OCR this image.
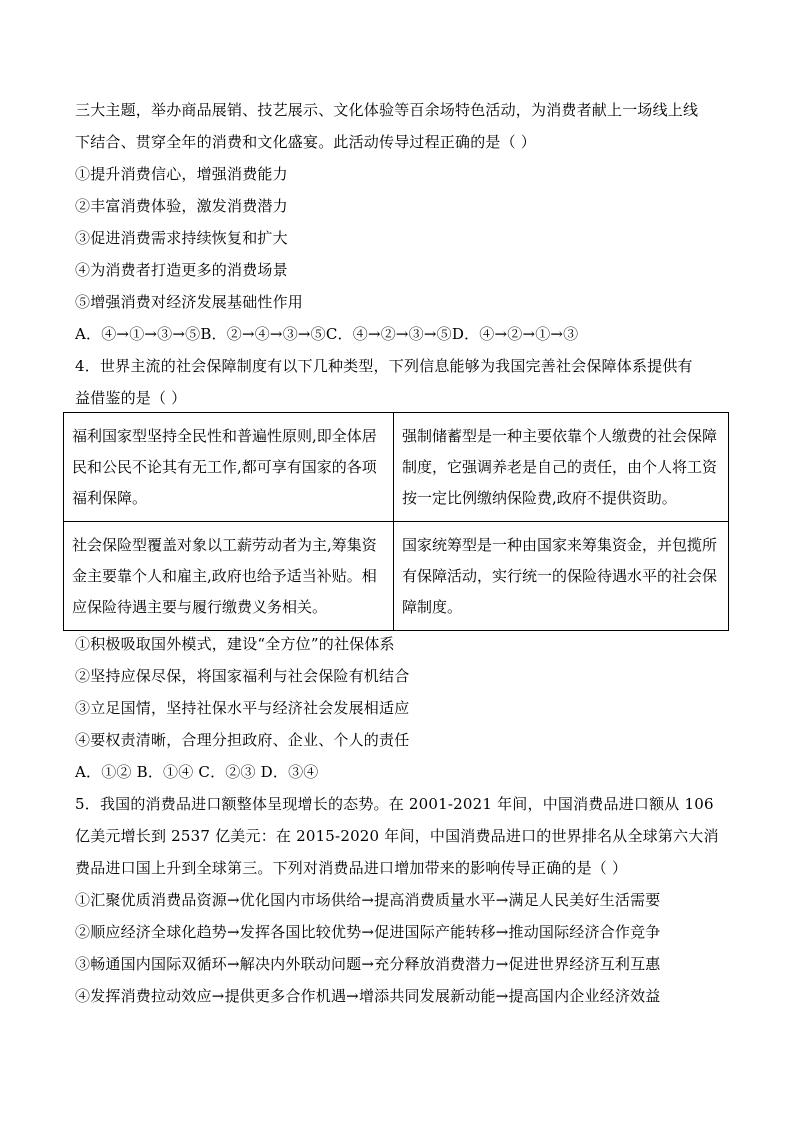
三大主题，举办商品展销、技艺展示、文化体验等百余场特色活动，为消费者献上一场线上线
下结合、贯穿全年的消费和文化盛宴。此活动传导过程正确的是（ ）
①提升消费信心，增强消费能力
②丰富消费体验，激发消费潜力
③促进消费需求持续恢复和扩大
④为消费者打造更多的消费场景
⑤增强消费对经济发展基础性作用
A．④→①→③→⑤B．②→④→③→⑤C．④→②→③→⑤D．④→②→①→③
4．世界主流的社会保障制度有以下几种类型，下列信息能够为我国完善社会保障体系提供有
益借鉴的是（ ）
福利国家型坚持全民性和普遍性原则,即全体居民和公民不论其有无工作,都可享有国家的各项福利保障。	强制储蓄型是一种主要依靠个人缴费的社会保障制度，它强调养老是自己的责任，由个人将工资按一定比例缴纳保险费,政府不提供资助。
社会保险型覆盖对象以工薪劳动者为主,筹集资金主要靠个人和雇主,政府也给予适当补贴。相应保险待遇主要与履行缴费义务相关。	国家统筹型是一种由国家来筹集资金，并包揽所有保障活动，实行统一的保险待遇水平的社会保障制度。
①积极吸取国外模式，建设“全方位”的社保体系
②坚持应保尽保，将国家福利与社会保险有机结合
③立足国情，坚持社保水平与经济社会发展相适应
④要权责清晰，合理分担政府、企业、个人的责任
A．①② B．①④ C．②③ D．③④
5．我国的消费品进口额整体呈现增长的态势。在 2001-2021 年间，中国消费品进口额从 106
亿美元增长到 2537 亿美元：在 2015-2020 年间，中国消费品进口的世界排名从全球第六大消
费品进口国上升到全球第三。下列对消费品进口增加带来的影响传导正确的是（ ）
①汇聚优质消费品资源→优化国内市场供给→提高消费质量水平→满足人民美好生活需要
②顺应经济全球化趋势→发挥各国比较优势→促进国际产能转移→推动国际经济合作竞争
③畅通国内国际双循环→解决内外联动问题→充分释放消费潜力→促进世界经济互利互惠
④发挥消费拉动效应→提供更多合作机遇→增添共同发展新动能→提高国内企业经济效益
